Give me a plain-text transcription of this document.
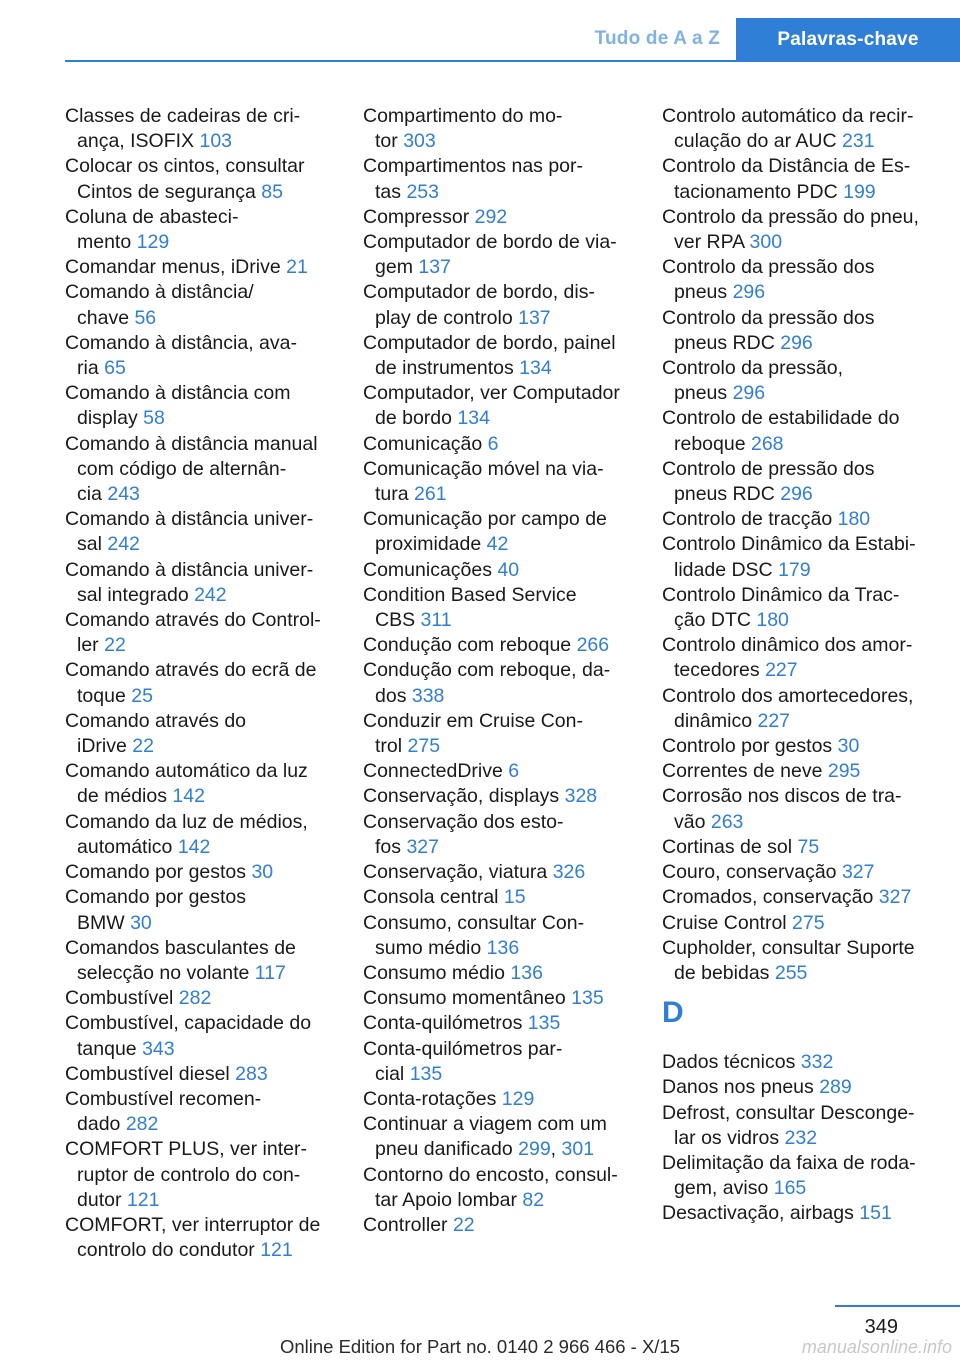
Tudo de A a Z	Palavras-chave
Classes de cadeiras de cri-
ança, ISOFIX 103
Colocar os cintos, consultar
Cintos de segurança 85
Coluna de abasteci-
mento 129
Comandar menus, iDrive 21
Comando à distância/
chave 56
Comando à distância, ava-
ria 65
Comando à distância com
display 58
Comando à distância manual
com código de alternân-
cia 243
Comando à distância univer-
sal 242
Comando à distância univer-
sal integrado 242
Comando através do Control-
ler 22
Comando através do ecrã de
toque 25
Comando através do
iDrive 22
Comando automático da luz
de médios 142
Comando da luz de médios,
automático 142
Comando por gestos 30
Comando por gestos
BMW 30
Comandos basculantes de
selecção no volante 117
Combustível 282
Combustível, capacidade do
tanque 343
Combustível diesel 283
Combustível recomen-
dado 282
COMFORT PLUS, ver inter-
ruptor de controlo do con-
dutor 121
COMFORT, ver interruptor de
controlo do condutor 121
Compartimento do mo-
tor 303
Compartimentos nas por-
tas 253
Compressor 292
Computador de bordo de via-
gem 137
Computador de bordo, dis-
play de controlo 137
Computador de bordo, painel
de instrumentos 134
Computador, ver Computador
de bordo 134
Comunicação 6
Comunicação móvel na via-
tura 261
Comunicação por campo de
proximidade 42
Comunicações 40
Condition Based Service
CBS 311
Condução com reboque 266
Condução com reboque, da-
dos 338
Conduzir em Cruise Con-
trol 275
ConnectedDrive 6
Conservação, displays 328
Conservação dos esto-
fos 327
Conservação, viatura 326
Consola central 15
Consumo, consultar Con-
sumo médio 136
Consumo médio 136
Consumo momentâneo 135
Conta-quilómetros 135
Conta-quilómetros par-
cial 135
Conta-rotações 129
Continuar a viagem com um
pneu danificado 299, 301
Contorno do encosto, consul-
tar Apoio lombar 82
Controller 22
Controlo automático da recir-
culação do ar AUC 231
Controlo da Distância de Es-
tacionamento PDC 199
Controlo da pressão do pneu,
ver RPA 300
Controlo da pressão dos
pneus 296
Controlo da pressão dos
pneus RDC 296
Controlo da pressão,
pneus 296
Controlo de estabilidade do
reboque 268
Controlo de pressão dos
pneus RDC 296
Controlo de tracção 180
Controlo Dinâmico da Estabi-
lidade DSC 179
Controlo Dinâmico da Trac-
ção DTC 180
Controlo dinâmico dos amor-
tecedores 227
Controlo dos amortecedores,
dinâmico 227
Controlo por gestos 30
Correntes de neve 295
Corrosão nos discos de tra-
vão 263
Cortinas de sol 75
Couro, conservação 327
Cromados, conservação 327
Cruise Control 275
Cupholder, consultar Suporte
de bebidas 255
D
Dados técnicos 332
Danos nos pneus 289
Defrost, consultar Desconge-
lar os vidros 232
Delimitação da faixa de roda-
gem, aviso 165
Desactivação, airbags 151
349
Online Edition for Part no. 0140 2 966 466 - X/15	manualsonline.info
